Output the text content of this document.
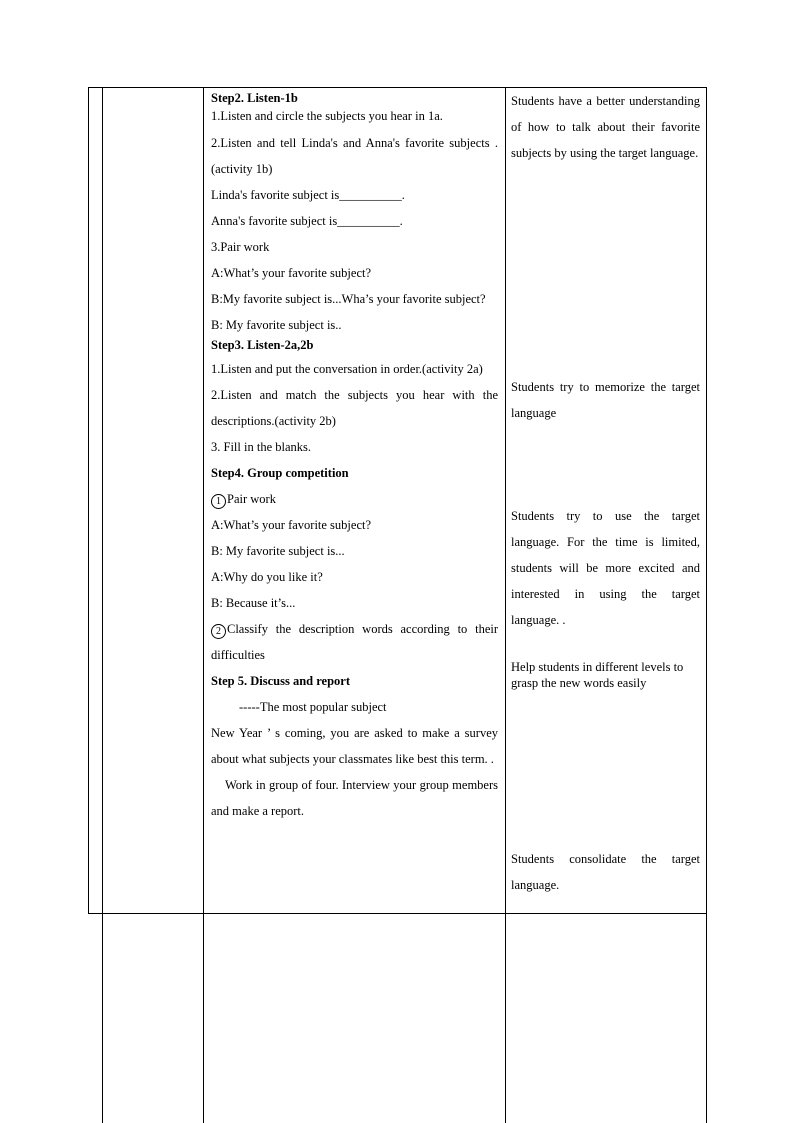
Step2. Listen-1b

1.Listen and circle the subjects you hear in 1a.

2.Listen and tell Linda's and Anna's favorite subjects .(activity 1b)

Linda's favorite subject is__________.

Anna's favorite subject is__________.

3.Pair work

A:What’s your favorite subject?

B:My favorite subject is...Wha’s your favorite subject?

B: My favorite subject is..

Step3. Listen-2a,2b

1.Listen and put the conversation in order.(activity 2a)

2.Listen and match the subjects you hear with the descriptions.(activity 2b)

3. Fill in the blanks.

Step4. Group competition

1 Pair work

A:What’s your favorite subject?

B: My favorite subject is...

A:Why do you like it?

B: Because it’s...

2 Classify the description words according to their difficulties

Step 5. Discuss and report

-----The most popular subject

New Year ’ s coming, you are asked to make a survey about what subjects your classmates like best this term. .

Work in group of four. Interview your group members and make a report.

Students have a better understanding of how to talk about their favorite subjects by using the target language.

Students try to memorize the target language

Students try to use the target language. For the time is limited, students will be more excited and interested in using the target language. .

Help students in different levels to grasp the new words easily

Students consolidate the target language.
